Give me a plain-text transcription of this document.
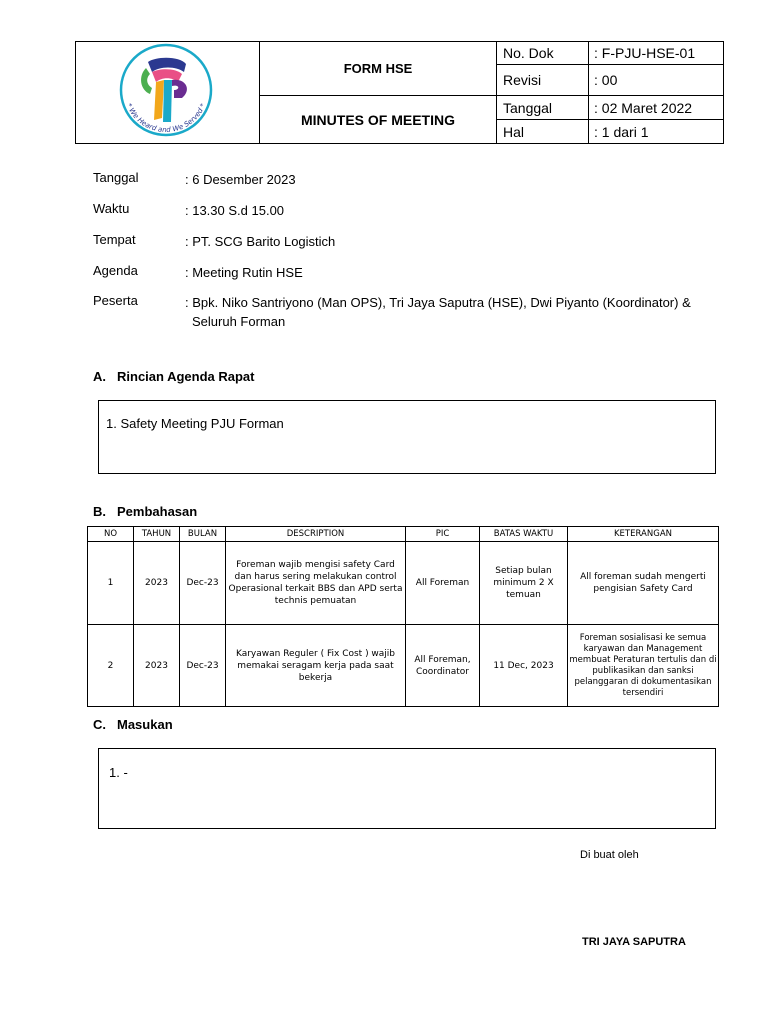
* We Heard and We Served *
FORM HSE
MINUTES OF MEETING
No. Dok	: F-PJU-HSE-01
Revisi	: 00
Tanggal	: 02 Maret 2022
Hal	: 1 dari 1
Tanggal	: 6 Desember 2023
Waktu	: 13.30 S.d 15.00
Tempat	: PT. SCG Barito Logistich
Agenda	: Meeting Rutin HSE
Peserta	: Bpk. Niko Santriyono (Man OPS), Tri Jaya Saputra (HSE), Dwi Piyanto (Koordinator) &
Seluruh Forman
A. Rincian Agenda Rapat
1. Safety Meeting PJU Forman
B. Pembahasan
NO	TAHUN	BULAN	DESCRIPTION	PIC	BATAS WAKTU	KETERANGAN
1	2023	Dec-23	Foreman wajib mengisi safety Card dan harus sering melakukan control Operasional terkait BBS dan APD serta technis pemuatan	All Foreman	Setiap bulan minimum 2 X temuan	All foreman sudah mengerti pengisian Safety Card
2	2023	Dec-23	Karyawan Reguler ( Fix Cost ) wajib memakai seragam kerja pada saat bekerja	All Foreman, Coordinator	11 Dec, 2023	Foreman sosialisasi ke semua karyawan dan Management membuat Peraturan tertulis dan di publikasikan dan sanksi pelanggaran di dokumentasikan tersendiri
C. Masukan
1. -
Di buat oleh
TRI JAYA SAPUTRA
